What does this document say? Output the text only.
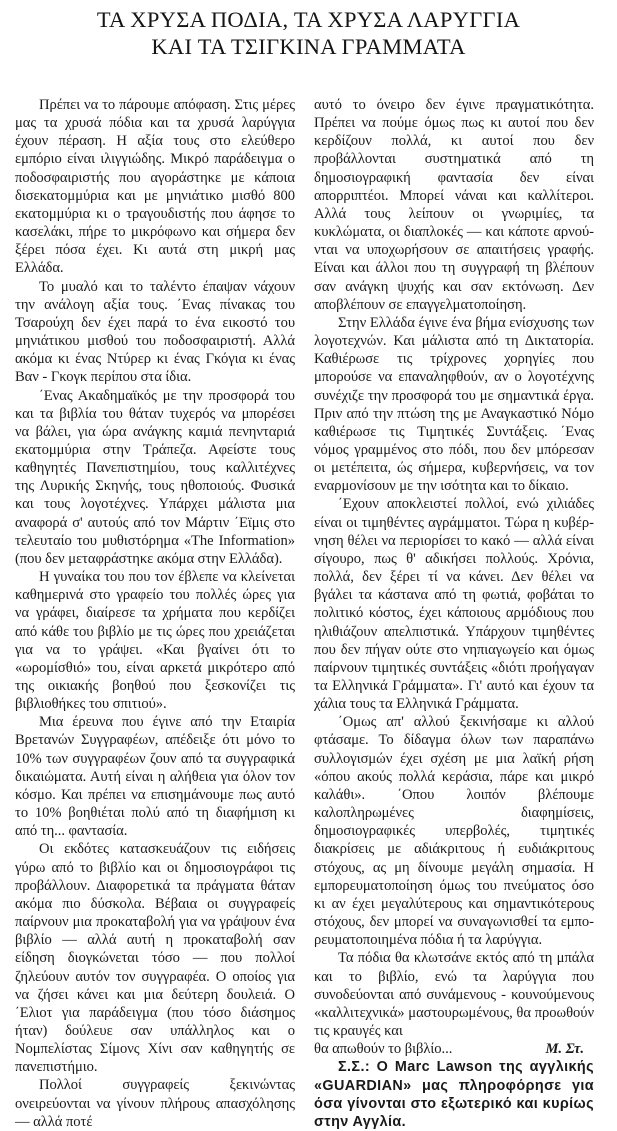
ΤΑ ΧΡΥΣΑ ΠΟΔΙΑ, ΤΑ ΧΡΥΣΑ ΛΑΡΥΓΓΙΑ
ΚΑΙ ΤΑ ΤΣΙΓΚΙΝΑ ΓΡΑΜΜΑΤΑ

Πρέπει να το πάρουμε απόφαση. Στις μέρες μας τα χρυσά πόδια και τα χρυσά λαρύγγια έχουν πέραση. Η αξία τους στο ελεύθερο εμπόριο είναι ιλιγγιώδης. Μικρό παράδειγμα ο ποδοσφαιριστής που αγοράστηκε με κάποια δισεκατομμύρια και με μηνιάτικο μισθό 800 εκατομμύρια κι ο τραγουδιστής που άφησε το κασελάκι, πήρε το μικρόφωνο και σήμερα δεν ξέρει πόσα έχει. Κι αυτά στη μικρή μας Ελλάδα.

Το μυαλό και το ταλέντο έπαψαν νάχουν την ανάλογη αξία τους. ΄Ενας πίνακας του Τσαρούχη δεν έχει παρά το ένα εικοστό του μηνιάτικου μισθού του ποδοσφαιριστή. Αλλά ακόμα κι ένας Ντύρερ κι ένας Γκόγια κι ένας Βαν - Γκογκ περίπου στα ίδια.

΄Ενας Ακαδημαϊκός με την προσφορά του και τα βιβλία του θάταν τυχερός να μπορέσει να βάλει, για ώρα ανάγκης καμιά πενηνταριά εκατομμύρια στην Τράπεζα. Αφείστε τους καθηγητές Πανεπιστημίου, τους καλλιτέχνες της Λυρικής Σκηνής, τους ηθοποιούς. Φυσικά και τους λογοτέχνες. Υπάρχει μάλιστα μια αναφορά σ' αυτούς από τον Μάρτιν ΄Εϊμις στο τελευταίο του μυθιστόρημα «The Information» (που δεν μεταφράστηκε ακόμα στην Ελλάδα).

Η γυναίκα του που τον έβλεπε να κλείνεται καθημερινά στο γραφείο του πολλές ώρες για να γράφει, διαίρεσε τα χρήματα που κερδίζει από κάθε του βιβλίο με τις ώρες που χρειάζεται για να το γράψει. «Και βγαίνει ότι το «ωρομίσθιό» του, είναι αρκετά μικρότερο από της οικιακής βοηθού που ξεσκονίζει τις βιβλιοθήκες του σπιτιού».

Μια έρευνα που έγινε από την Εταιρία Βρετανών Συγγραφέων, απέδειξε ότι μόνο το 10% των συγγραφέων ζουν από τα συγγραφικά δικαιώματα. Αυτή είναι η αλήθεια για όλον τον κόσμο. Και πρέπει να επισημάνουμε πως αυτό το 10% βοηθιέται πολύ από τη διαφήμιση κι από τη... φαντασία.

Οι εκδότες κατασκευάζουν τις ειδήσεις γύρω από το βιβλίο και οι δημοσιογράφοι τις προβάλλουν. Διαφορετικά τα πράγματα θάταν ακόμα πιο δύσκολα. Βέβαια οι συγγραφείς παίρνουν μια προκαταβολή για να γράψουν ένα βιβλίο — αλλά αυτή η προκαταβολή σαν είδηση διογκώνεται τόσο — που πολλοί ζηλεύουν αυτόν τον συγγραφέα. Ο οποίος για να ζήσει κάνει και μια δεύτερη δουλειά. Ο ΄Ελιοτ για παράδειγμα (που τόσο διάσημος ήταν) δούλευε σαν υπάλληλος και ο Νομπελίστας Σίμονς Χίνι σαν καθηγητής σε πανεπιστήμιο.

Πολλοί συγγραφείς ξεκινώντας ονειρεύονται να γίνουν πλήρους απασχόλησης — αλλά ποτέ

αυτό το όνειρο δεν έγινε πραγματικότητα. Πρέπει να πούμε όμως πως κι αυτοί που δεν κερδίζουν πολλά, κι αυτοί που δεν προβάλλονται συστηματικά από τη δημοσιογραφική φαντασία δεν είναι απορριπτέοι. Μπορεί νάναι και καλλίτεροι. Αλλά τους λείπουν οι γνωριμίες, τα κυκλώματα, οι διαπλοκές — και κάποτε αρνούνται να υποχωρήσουν σε απαιτήσεις γραφής. Είναι και άλλοι που τη συγγραφή τη βλέπουν σαν ανάγκη ψυχής και σαν εκτόνωση. Δεν αποβλέπουν σε επαγγελματοποίηση.

Στην Ελλάδα έγινε ένα βήμα ενίσχυσης των λογοτεχνών. Και μάλιστα από τη Δικτατορία. Καθιέρωσε τις τρίχρονες χορηγίες που μπορούσε να επαναληφθούν, αν ο λογοτέχνης συνέχιζε την προσφορά του με σημαντικά έργα. Πριν από την πτώση της με Αναγκαστικό Νόμο καθιέρωσε τις Τιμητικές Συντάξεις. ΄Ενας νόμος γραμμένος στο πόδι, που δεν μπόρεσαν οι μετέπειτα, ώς σήμερα, κυβερνήσεις, να τον εναρμονίσουν με την ισότητα και το δίκαιο.

΄Εχουν αποκλειστεί πολλοί, ενώ χιλιάδες είναι οι τιμηθέντες αγράμματοι. Τώρα η κυβέρνηση θέλει να περιορίσει το κακό — αλλά είναι σίγουρο, πως θ' αδικήσει πολλούς. Χρόνια, πολλά, δεν ξέρει τί να κάνει. Δεν θέλει να βγάλει τα κάστανα από τη φωτιά, φοβάται το πολιτικό κόστος, έχει κάποιους αρμόδιους που ηλιθιάζουν απελπιστικά. Υπάρχουν τιμηθέντες που δεν πήγαν ούτε στο νηπιαγωγείο και όμως παίρνουν τιμητικές συντάξεις «διότι προήγαγαν τα Ελληνικά Γράμματα». Γι' αυτό και έχουν τα χάλια τους τα Ελληνικά Γράμματα.

΄Ομως απ' αλλού ξεκινήσαμε κι αλλού φτάσαμε. Το δίδαγμα όλων των παραπάνω συλλογισμών έχει σχέση με μια λαϊκή ρήση «όπου ακούς πολλά κεράσια, πάρε και μικρό καλάθι». ΄Οπου λοιπόν βλέπουμε καλοπληρωμένες διαφημίσεις, δημοσιογραφικές υπερβολές, τιμητικές διακρίσεις με αδιάκριτους ή ευδιάκριτους στόχους, ας μη δίνουμε μεγάλη σημασία. Η εμπορευματοποίηση όμως του πνεύματος όσο κι αν έχει μεγαλύτερους και σημαντικότερους στόχους, δεν μπορεί να συναγωνισθεί τα εμπορευματοποιημένα πόδια ή τα λαρύγγια.

Τα πόδια θα κλωτσάνε εκτός από τη μπάλα και το βιβλίο, ενώ τα λαρύγγια που συνοδεύονται από συνάμενους - κουνούμενους «καλλιτεχνικά» μαστουρωμένους, θα προωθούν τις κραυγές και

θα απωθούν το βιβλίο...	Μ. Στ.

Σ.Σ.: Ο Marc Lawson της αγγλικής «GUARDIAN» μας πληροφόρησε για όσα γίνονται στο εξωτερικό και κυρίως στην Αγγλία.
